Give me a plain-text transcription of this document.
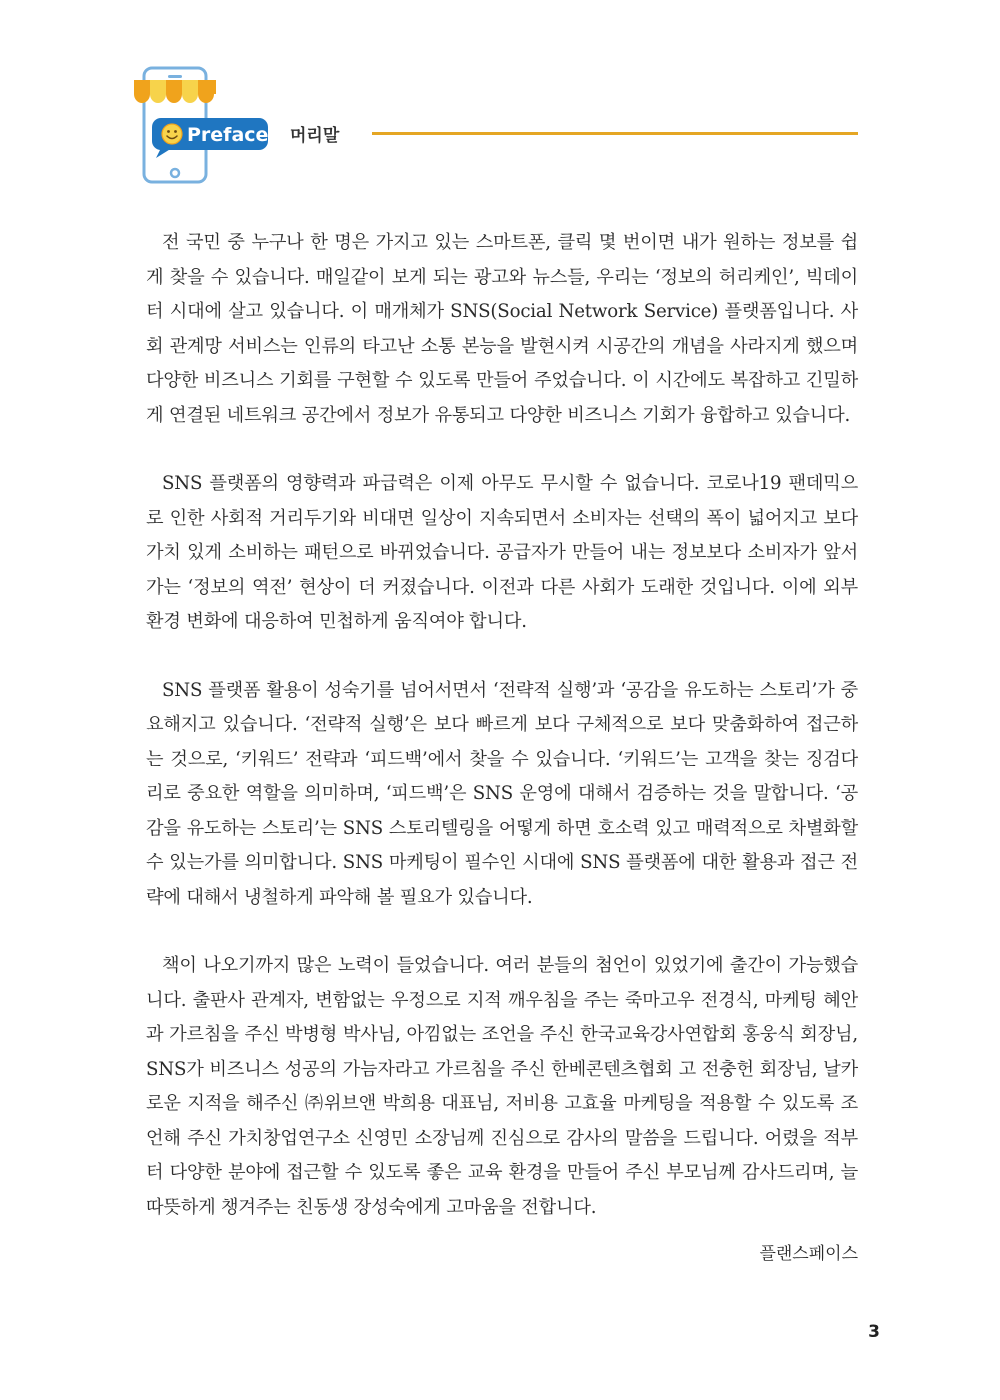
Preface 머리말

전 국민 중 누구나 한 명은 가지고 있는 스마트폰, 클릭 몇 번이면 내가 원하는 정보를 쉽게 찾을 수 있습니다. 매일같이 보게 되는 광고와 뉴스들, 우리는 ‘정보의 허리케인’, 빅데이터 시대에 살고 있습니다. 이 매개체가 SNS(Social Network Service) 플랫폼입니다. 사회 관계망 서비스는 인류의 타고난 소통 본능을 발현시켜 시공간의 개념을 사라지게 했으며 다양한 비즈니스 기회를 구현할 수 있도록 만들어 주었습니다. 이 시간에도 복잡하고 긴밀하게 연결된 네트워크 공간에서 정보가 유통되고 다양한 비즈니스 기회가 융합하고 있습니다.

SNS 플랫폼의 영향력과 파급력은 이제 아무도 무시할 수 없습니다. 코로나19 팬데믹으로 인한 사회적 거리두기와 비대면 일상이 지속되면서 소비자는 선택의 폭이 넓어지고 보다 가치 있게 소비하는 패턴으로 바뀌었습니다. 공급자가 만들어 내는 정보보다 소비자가 앞서가는 ‘정보의 역전’ 현상이 더 커졌습니다. 이전과 다른 사회가 도래한 것입니다. 이에 외부 환경 변화에 대응하여 민첩하게 움직여야 합니다.

SNS 플랫폼 활용이 성숙기를 넘어서면서 ‘전략적 실행’과 ‘공감을 유도하는 스토리’가 중요해지고 있습니다. ‘전략적 실행’은 보다 빠르게 보다 구체적으로 보다 맞춤화하여 접근하는 것으로, ‘키워드’ 전략과 ‘피드백’에서 찾을 수 있습니다. ‘키워드’는 고객을 찾는 징검다리로 중요한 역할을 의미하며, ‘피드백’은 SNS 운영에 대해서 검증하는 것을 말합니다. ‘공감을 유도하는 스토리’는 SNS 스토리텔링을 어떻게 하면 호소력 있고 매력적으로 차별화할 수 있는가를 의미합니다. SNS 마케팅이 필수인 시대에 SNS 플랫폼에 대한 활용과 접근 전략에 대해서 냉철하게 파악해 볼 필요가 있습니다.

책이 나오기까지 많은 노력이 들었습니다. 여러 분들의 첨언이 있었기에 출간이 가능했습니다. 출판사 관계자, 변함없는 우정으로 지적 깨우침을 주는 죽마고우 전경식, 마케팅 혜안과 가르침을 주신 박병형 박사님, 아낌없는 조언을 주신 한국교육강사연합회 홍웅식 회장님, SNS가 비즈니스 성공의 가늠자라고 가르침을 주신 한베콘텐츠협회 고 전충헌 회장님, 날카로운 지적을 해주신 ㈜위브앤 박희용 대표님, 저비용 고효율 마케팅을 적용할 수 있도록 조언해 주신 가치창업연구소 신영민 소장님께 진심으로 감사의 말씀을 드립니다. 어렸을 적부터 다양한 분야에 접근할 수 있도록 좋은 교육 환경을 만들어 주신 부모님께 감사드리며, 늘 따뜻하게 챙겨주는 친동생 장성숙에게 고마움을 전합니다.

플랜스페이스
3
